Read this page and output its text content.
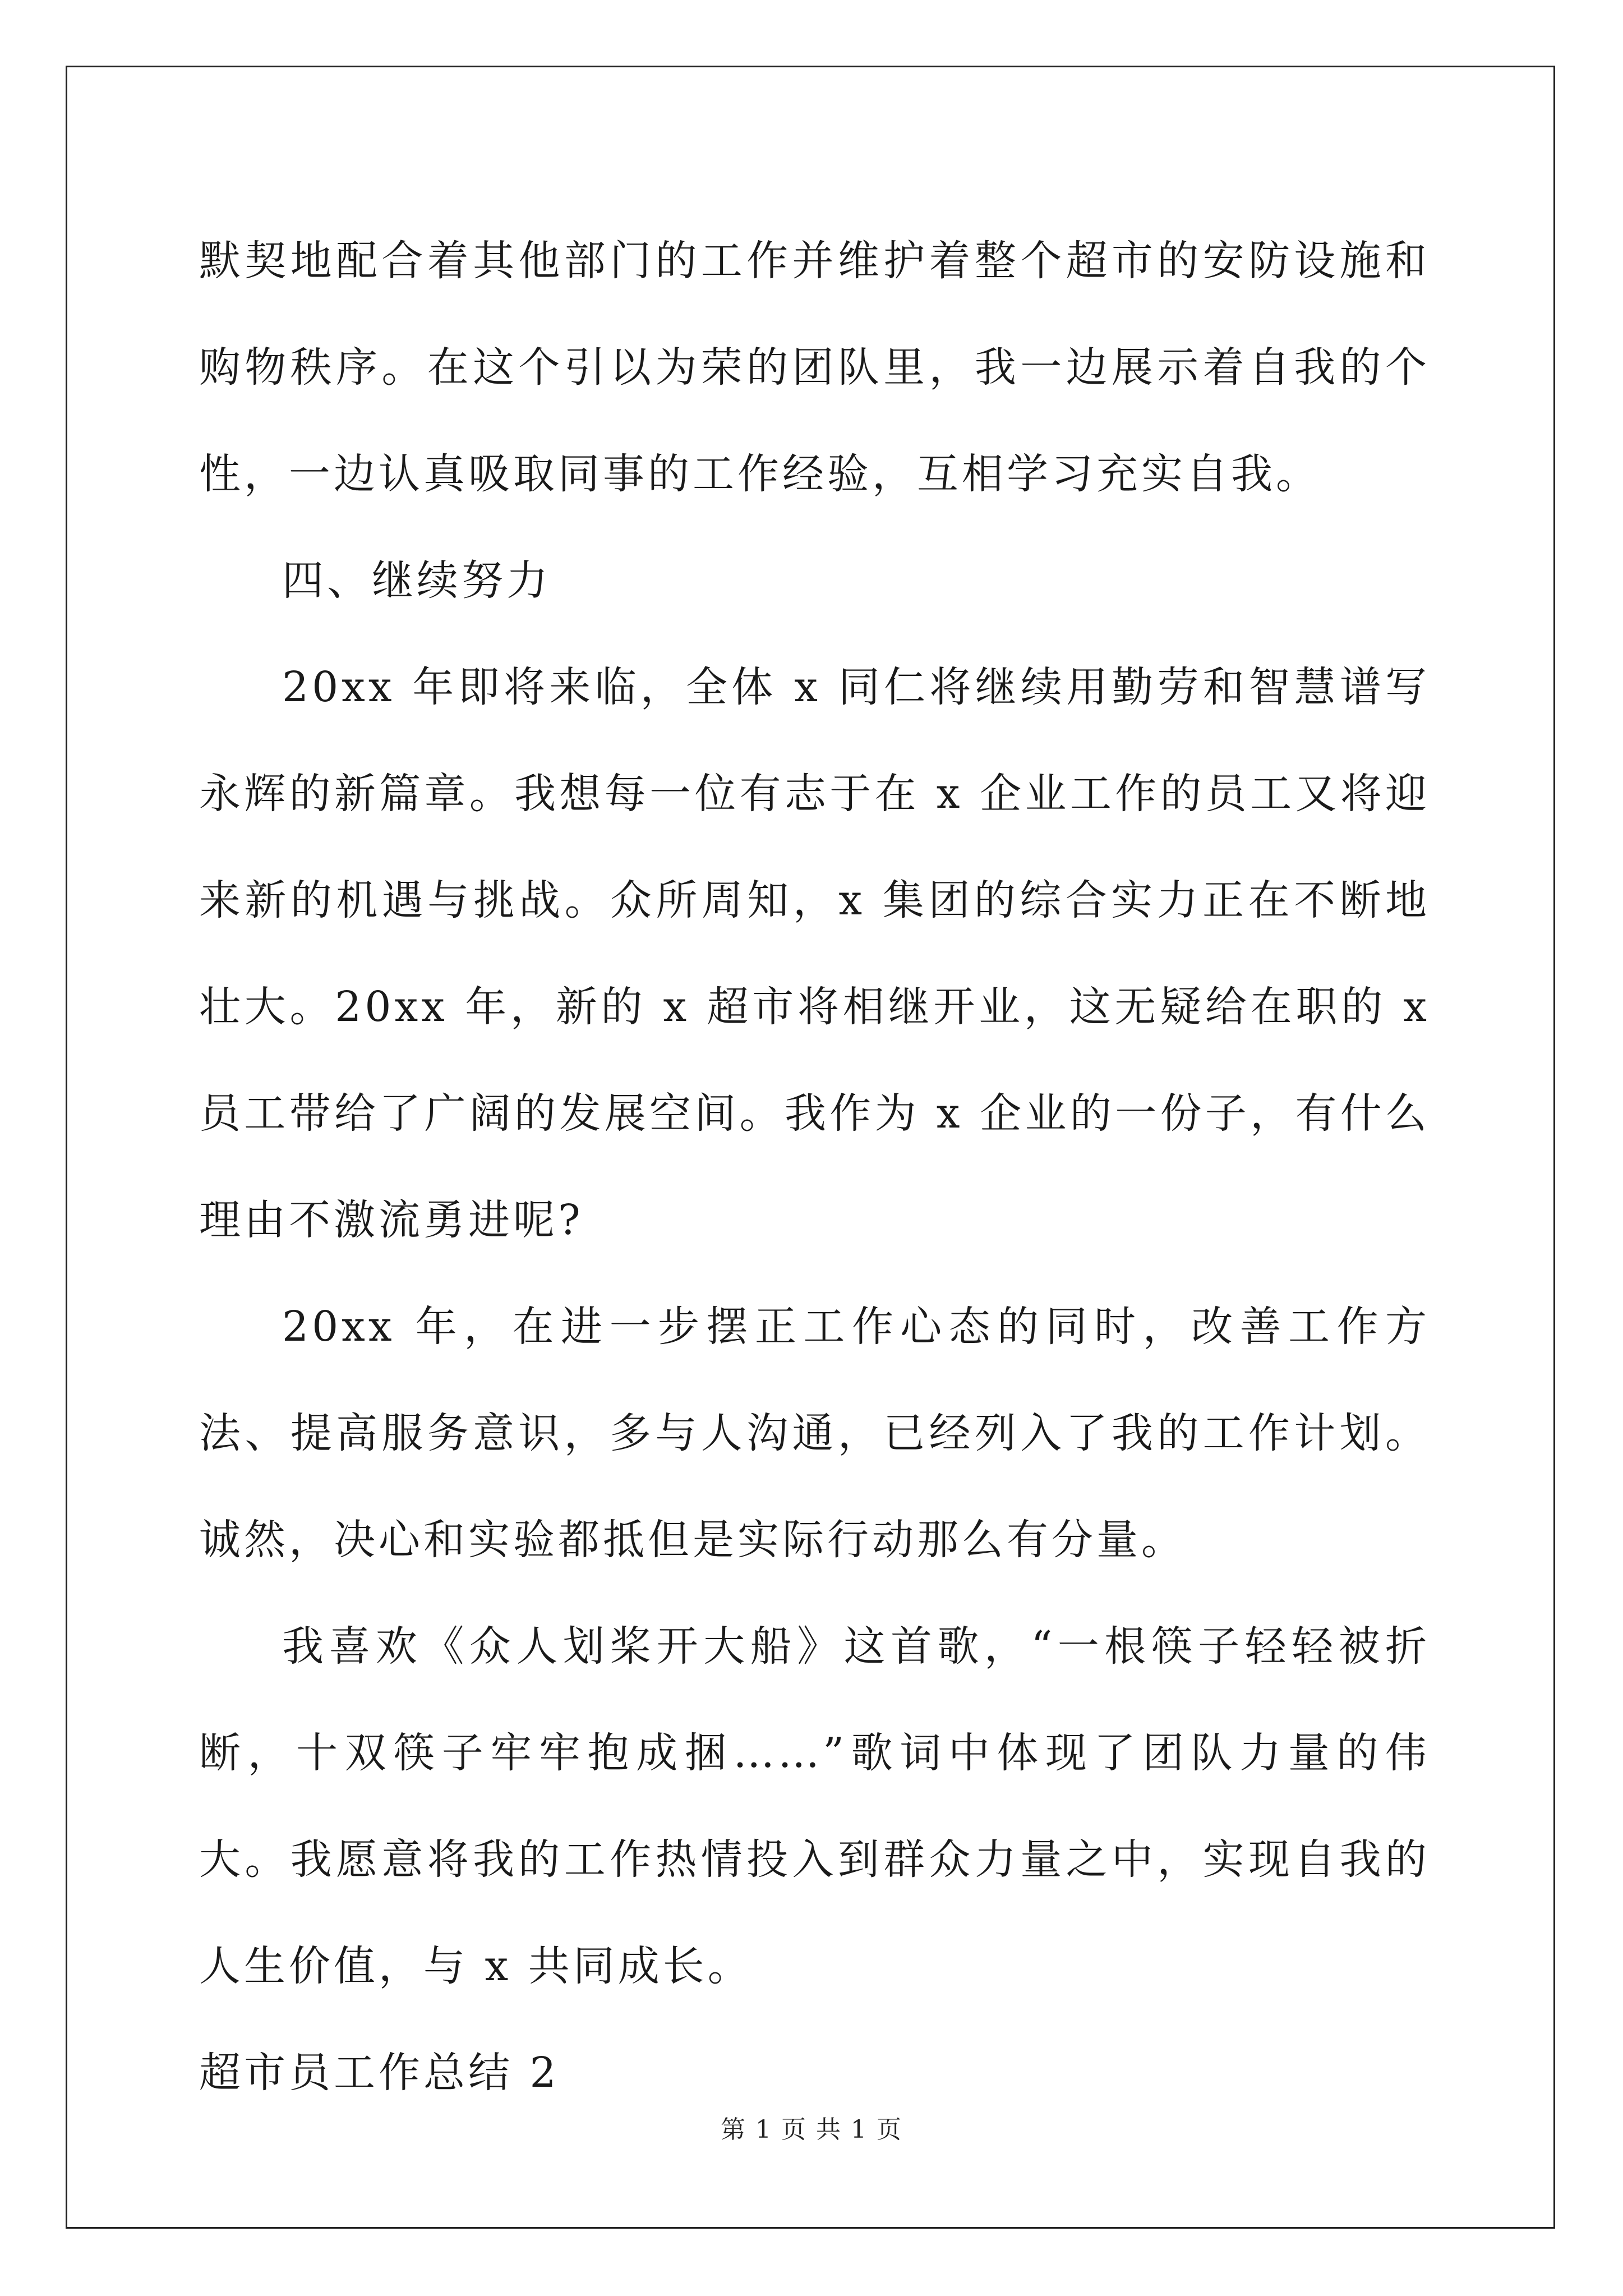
默契地配合着其他部门的工作并维护着整个超市的安防设施和购物秩序。在这个引以为荣的团队里，我一边展示着自我的个性，一边认真吸取同事的工作经验，互相学习充实自我。

四、继续努力

20xx 年即将来临，全体 x 同仁将继续用勤劳和智慧谱写永辉的新篇章。我想每一位有志于在 x 企业工作的员工又将迎来新的机遇与挑战。众所周知，x 集团的综合实力正在不断地壮大。20xx 年，新的 x 超市将相继开业，这无疑给在职的 x 员工带给了广阔的发展空间。我作为 x 企业的一份子，有什么理由不激流勇进呢?

20xx 年，在进一步摆正工作心态的同时，改善工作方法、提高服务意识，多与人沟通，已经列入了我的工作计划。诚然，决心和实验都抵但是实际行动那么有分量。

我喜欢《众人划桨开大船》这首歌，“一根筷子轻轻被折断，十双筷子牢牢抱成捆……”歌词中体现了团队力量的伟大。我愿意将我的工作热情投入到群众力量之中，实现自我的人生价值，与 x 共同成长。

超市员工作总结 2

第 1 页 共 1 页
